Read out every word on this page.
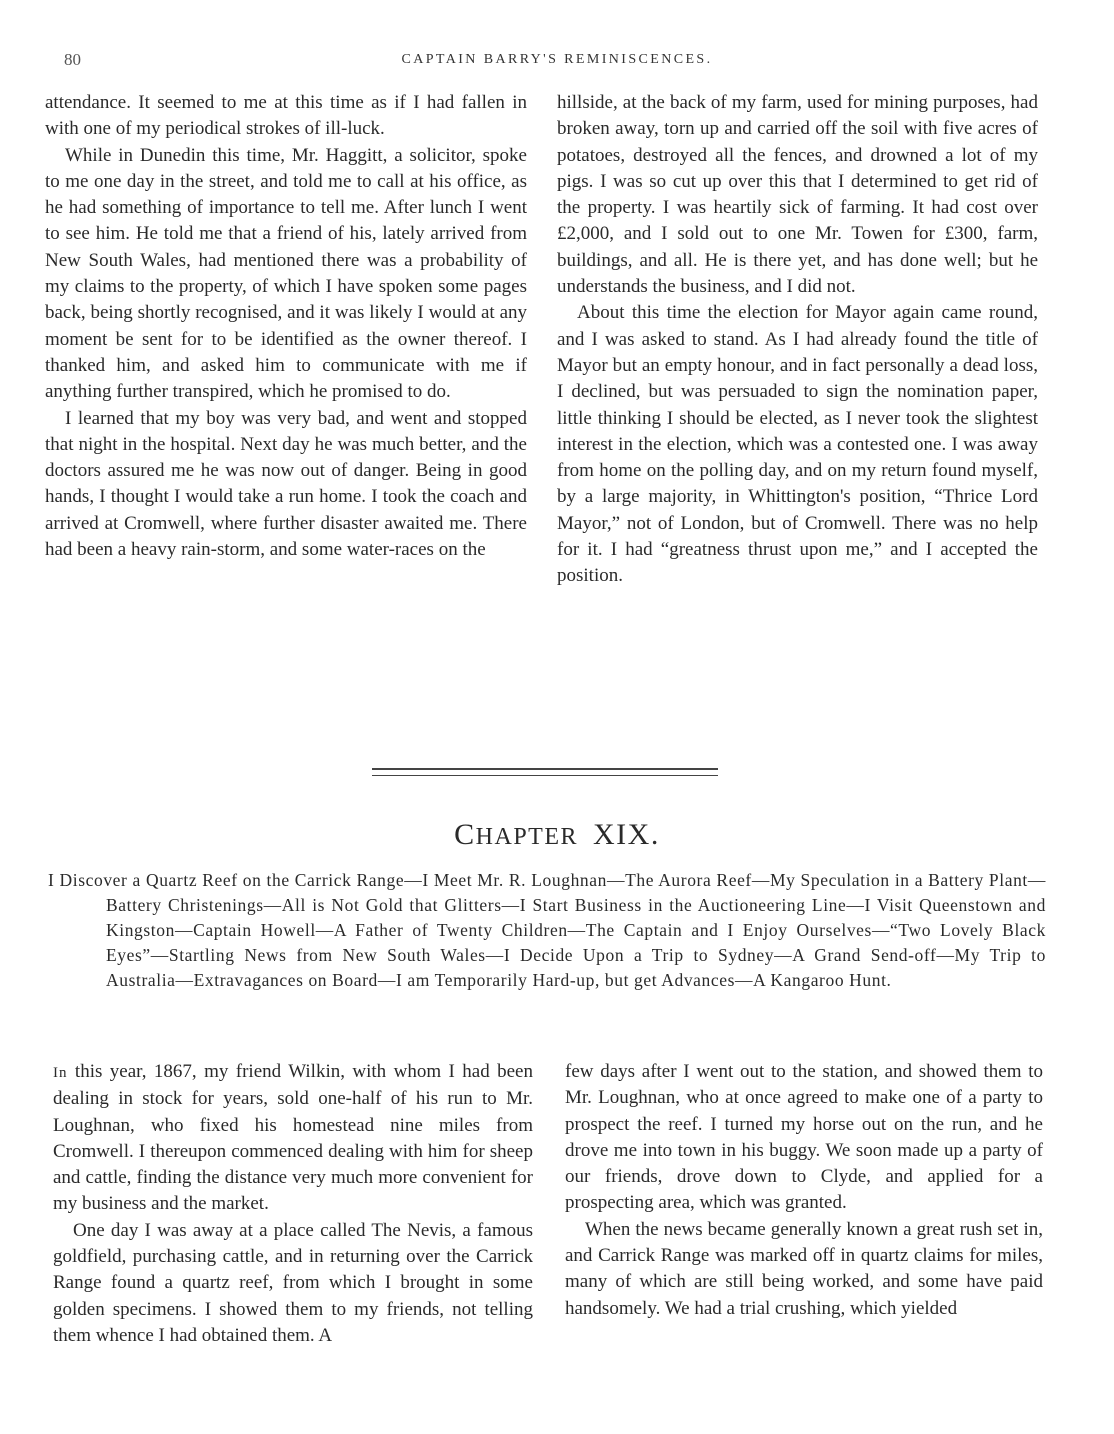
80	CAPTAIN BARRY'S REMINISCENCES.

attendance. It seemed to me at this time as if I had fallen in with one of my periodical strokes of ill-luck.

While in Dunedin this time, Mr. Haggitt, a solicitor, spoke to me one day in the street, and told me to call at his office, as he had something of importance to tell me. After lunch I went to see him. He told me that a friend of his, lately arrived from New South Wales, had mentioned there was a probability of my claims to the property, of which I have spoken some pages back, being shortly recognised, and it was likely I would at any moment be sent for to be identified as the owner thereof. I thanked him, and asked him to communicate with me if anything further transpired, which he promised to do.

I learned that my boy was very bad, and went and stopped that night in the hospital. Next day he was much better, and the doctors assured me he was now out of danger. Being in good hands, I thought I would take a run home. I took the coach and arrived at Cromwell, where further disaster awaited me. There had been a heavy rain-storm, and some water-races on the

hillside, at the back of my farm, used for mining purposes, had broken away, torn up and carried off the soil with five acres of potatoes, destroyed all the fences, and drowned a lot of my pigs. I was so cut up over this that I determined to get rid of the property. I was heartily sick of farming. It had cost over £2,000, and I sold out to one Mr. Towen for £300, farm, buildings, and all. He is there yet, and has done well; but he understands the business, and I did not.

About this time the election for Mayor again came round, and I was asked to stand. As I had already found the title of Mayor but an empty honour, and in fact personally a dead loss, I declined, but was persuaded to sign the nomination paper, little thinking I should be elected, as I never took the slightest interest in the election, which was a contested one. I was away from home on the polling day, and on my return found myself, by a large majority, in Whittington's position, “Thrice Lord Mayor,” not of London, but of Cromwell. There was no help for it. I had “greatness thrust upon me,” and I accepted the position.

CHAPTER XIX.
I Discover a Quartz Reef on the Carrick Range—I Meet Mr. R. Loughnan—The Aurora Reef—My Speculation in a Battery Plant—Battery Christenings—All is Not Gold that Glitters—I Start Business in the Auctioneering Line—I Visit Queenstown and Kingston—Captain Howell—A Father of Twenty Children—The Captain and I Enjoy Ourselves—“Two Lovely Black Eyes”—Startling News from New South Wales—I Decide Upon a Trip to Sydney—A Grand Send-off—My Trip to Australia—Extravagances on Board—I am Temporarily Hard-up, but get Advances—A Kangaroo Hunt.

In this year, 1867, my friend Wilkin, with whom I had been dealing in stock for years, sold one-half of his run to Mr. Loughnan, who fixed his homestead nine miles from Cromwell. I thereupon commenced dealing with him for sheep and cattle, finding the distance very much more convenient for my business and the market.

One day I was away at a place called The Nevis, a famous goldfield, purchasing cattle, and in returning over the Carrick Range found a quartz reef, from which I brought in some golden specimens. I showed them to my friends, not telling them whence I had obtained them. A

few days after I went out to the station, and showed them to Mr. Loughnan, who at once agreed to make one of a party to prospect the reef. I turned my horse out on the run, and he drove me into town in his buggy. We soon made up a party of our friends, drove down to Clyde, and applied for a prospecting area, which was granted.

When the news became generally known a great rush set in, and Carrick Range was marked off in quartz claims for miles, many of which are still being worked, and some have paid handsomely. We had a trial crushing, which yielded
